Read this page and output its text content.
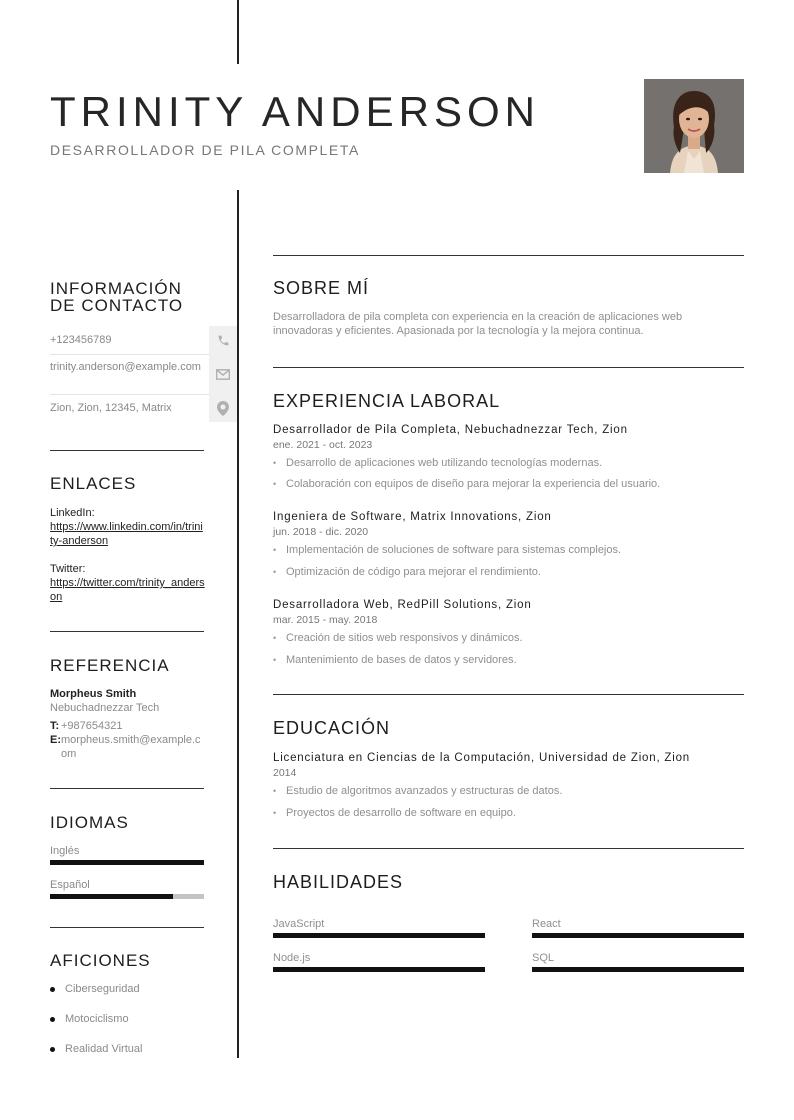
TRINITY ANDERSON
DESARROLLADOR DE PILA COMPLETA
INFORMACIÓN
DE CONTACTO
+123456789
trinity.anderson@example.com
Zion, Zion, 12345, Matrix
ENLACES
LinkedIn:
https://www.linkedin.com/in/trinity-anderson
Twitter:
https://twitter.com/trinity_anderson
REFERENCIA
Morpheus Smith
Nebuchadnezzar Tech
T: +987654321
E: morpheus.smith@example.com
IDIOMAS
Inglés
Español
AFICIONES
Ciberseguridad
Motociclismo
Realidad Virtual
SOBRE MÍ
Desarrolladora de pila completa con experiencia en la creación de aplicaciones web innovadoras y eficientes. Apasionada por la tecnología y la mejora continua.
EXPERIENCIA LABORAL
Desarrollador de Pila Completa, Nebuchadnezzar Tech, Zion
ene. 2021 - oct. 2023
• Desarrollo de aplicaciones web utilizando tecnologías modernas.
• Colaboración con equipos de diseño para mejorar la experiencia del usuario.
Ingeniera de Software, Matrix Innovations, Zion
jun. 2018 - dic. 2020
• Implementación de soluciones de software para sistemas complejos.
• Optimización de código para mejorar el rendimiento.
Desarrolladora Web, RedPill Solutions, Zion
mar. 2015 - may. 2018
• Creación de sitios web responsivos y dinámicos.
• Mantenimiento de bases de datos y servidores.
EDUCACIÓN
Licenciatura en Ciencias de la Computación, Universidad de Zion, Zion
2014
• Estudio de algoritmos avanzados y estructuras de datos.
• Proyectos de desarrollo de software en equipo.
HABILIDADES
JavaScript	React
Node.js	SQL
